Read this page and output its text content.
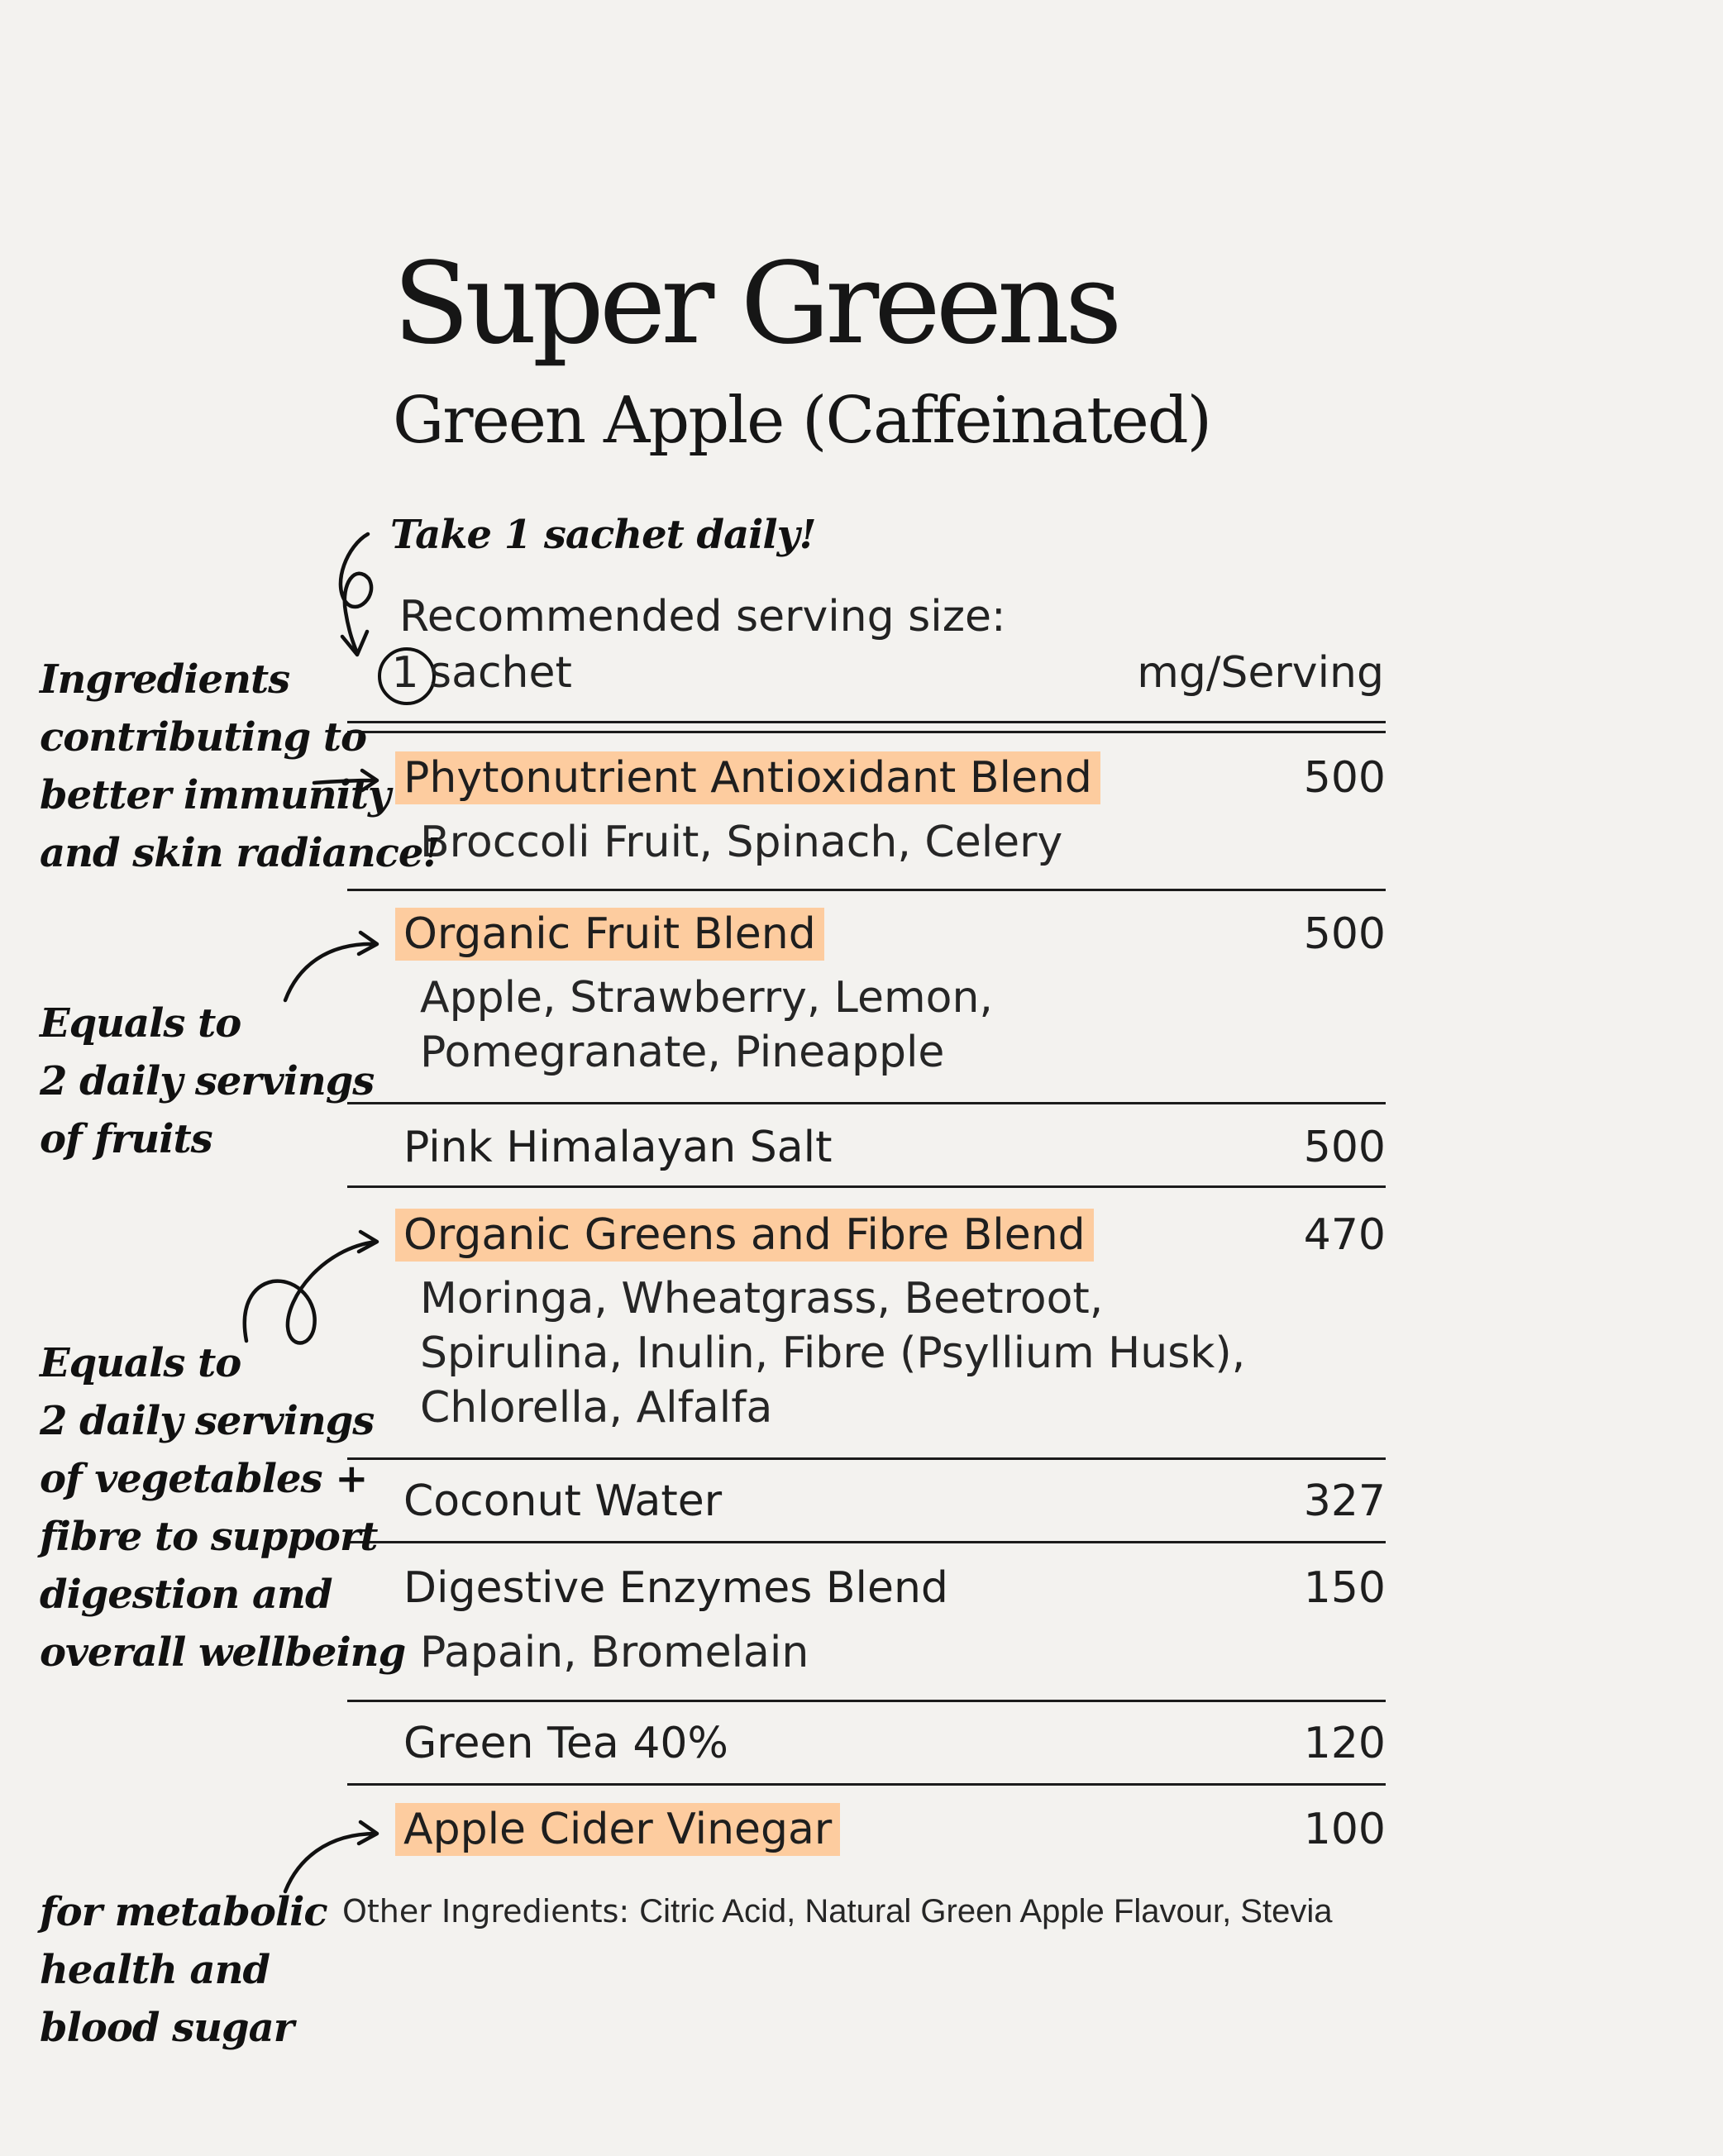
Super Greens
Green Apple (Caffeinated)
Take 1 sachet daily!
Recommended serving size:
1 sachet	mg/Serving
Phytonutrient Antioxidant Blend	500
Broccoli Fruit, Spinach, Celery
Organic Fruit Blend	500
Apple, Strawberry, Lemon,
Pomegranate, Pineapple
Pink Himalayan Salt	500
Organic Greens and Fibre Blend	470
Moringa, Wheatgrass, Beetroot,
Spirulina, Inulin, Fibre (Psyllium Husk),
Chlorella, Alfalfa
Coconut Water	327
Digestive Enzymes Blend	150
Papain, Bromelain
Green Tea 40%	120
Apple Cider Vinegar	100
Other Ingredients: Citric Acid, Natural Green Apple Flavour, Stevia
Ingredients
contributing to
better immunity
and skin radiance!
Equals to
2 daily servings
of fruits
Equals to
2 daily servings
of vegetables +
fibre to support
digestion and
overall wellbeing
for metabolic
health and
blood sugar
